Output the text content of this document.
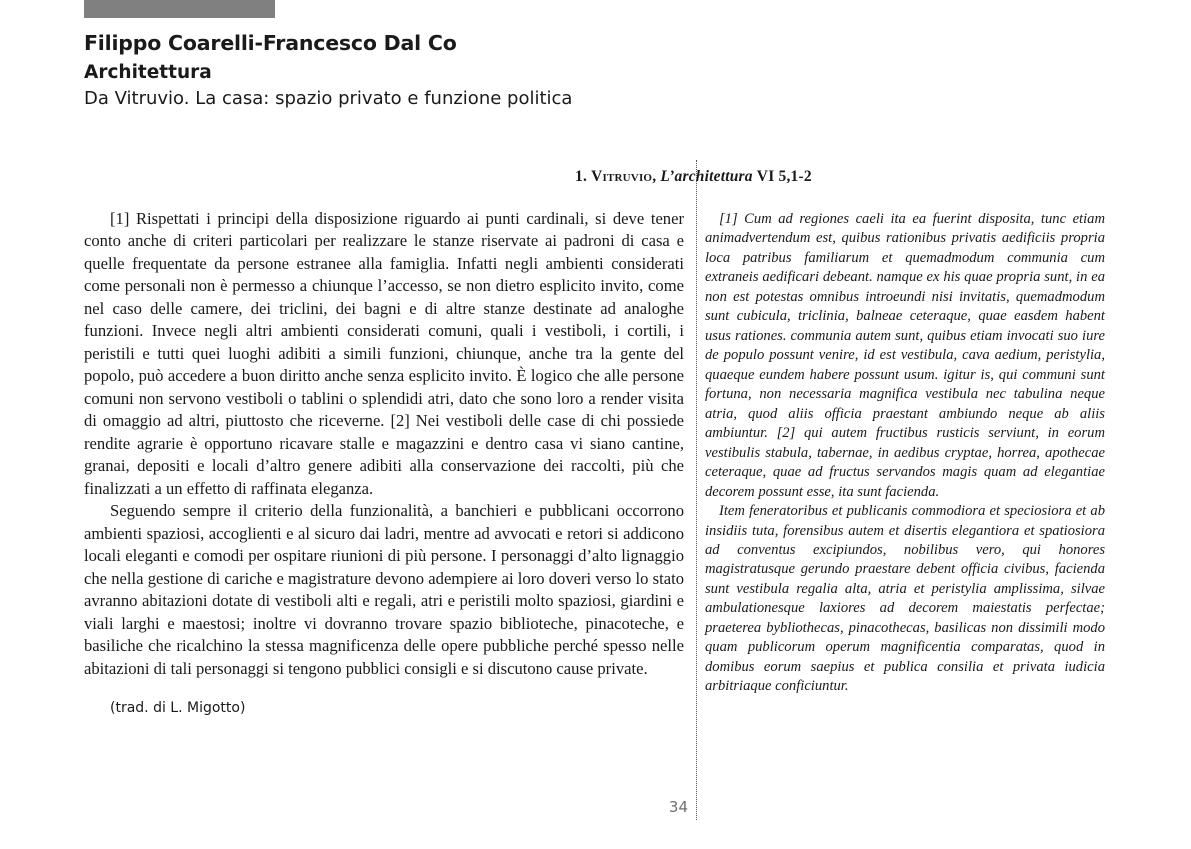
Filippo Coarelli-Francesco Dal Co
Architettura
Da Vitruvio. La casa: spazio privato e funzione politica
1. Vitruvio, L’architettura VI 5,1-2

[1] Rispettati i principi della disposizione riguardo ai punti cardinali, si deve tener conto anche di criteri particolari per realizzare le stanze riservate ai padroni di casa e quelle frequentate da persone estranee alla famiglia. Infatti negli ambienti considerati come personali non è permesso a chiunque l’accesso, se non dietro esplicito invito, come nel caso delle camere, dei triclini, dei bagni e di altre stanze destinate ad analoghe funzioni. Invece negli altri ambienti considerati comuni, quali i vestiboli, i cortili, i peristili e tutti quei luoghi adibiti a simili funzioni, chiunque, anche tra la gente del popolo, può accedere a buon diritto anche senza esplicito invito. È logico che alle persone comuni non servono vestiboli o tablini o splendidi atri, dato che sono loro a render visita di omaggio ad altri, piuttosto che riceverne. [2] Nei vestiboli delle case di chi possiede rendite agrarie è opportuno ricavare stalle e magazzini e dentro casa vi siano cantine, granai, depositi e locali d’altro genere adibiti alla conservazione dei raccolti, più che finalizzati a un effetto di raffinata eleganza.

Seguendo sempre il criterio della funzionalità, a banchieri e pubblicani occorrono ambienti spaziosi, accoglienti e al sicuro dai ladri, mentre ad avvocati e retori si addicono locali eleganti e comodi per ospitare riunioni di più persone. I personaggi d’alto lignaggio che nella gestione di cariche e magistrature devono adempiere ai loro doveri verso lo stato avranno abitazioni dotate di vestiboli alti e regali, atri e peristili molto spaziosi, giardini e viali larghi e maestosi; inoltre vi dovranno trovare spazio biblioteche, pinacoteche, e basiliche che ricalchino la stessa magnificenza delle opere pubbliche perché spesso nelle abitazioni di tali personaggi si tengono pubblici consigli e si discutono cause private.

(trad. di L. Migotto)

[1] Cum ad regiones caeli ita ea fuerint disposita, tunc etiam animadvertendum est, quibus rationibus privatis aedificiis propria loca patribus familiarum et quemadmodum communia cum extraneis aedificari debeant. namque ex his quae propria sunt, in ea non est potestas omnibus introeundi nisi invitatis, quemadmodum sunt cubicula, triclinia, balneae ceteraque, quae easdem habent usus rationes. communia autem sunt, quibus etiam invocati suo iure de populo possunt venire, id est vestibula, cava aedium, peristylia, quaeque eundem habere possunt usum. igitur is, qui communi sunt fortuna, non necessaria magnifica vestibula nec tabulina neque atria, quod aliis officia praestant ambiundo neque ab aliis ambiuntur. [2] qui autem fructibus rusticis serviunt, in eorum vestibulis stabula, tabernae, in aedibus cryptae, horrea, apothecae ceteraque, quae ad fructus servandos magis quam ad elegantiae decorem possunt esse, ita sunt facienda.

Item feneratoribus et publicanis commodiora et speciosiora et ab insidiis tuta, forensibus autem et disertis elegantiora et spatiosiora ad conventus excipiundos, nobilibus vero, qui honores magistratusque gerundo praestare debent officia civibus, facienda sunt vestibula regalia alta, atria et peristylia amplissima, silvae ambulationesque laxiores ad decorem maiestatis perfectae; praeterea bybliothecas, pinacothecas, basilicas non dissimili modo quam publicorum operum magnificentia comparatas, quod in domibus eorum saepius et publica consilia et privata iudicia arbitriaque conficiuntur.

34
